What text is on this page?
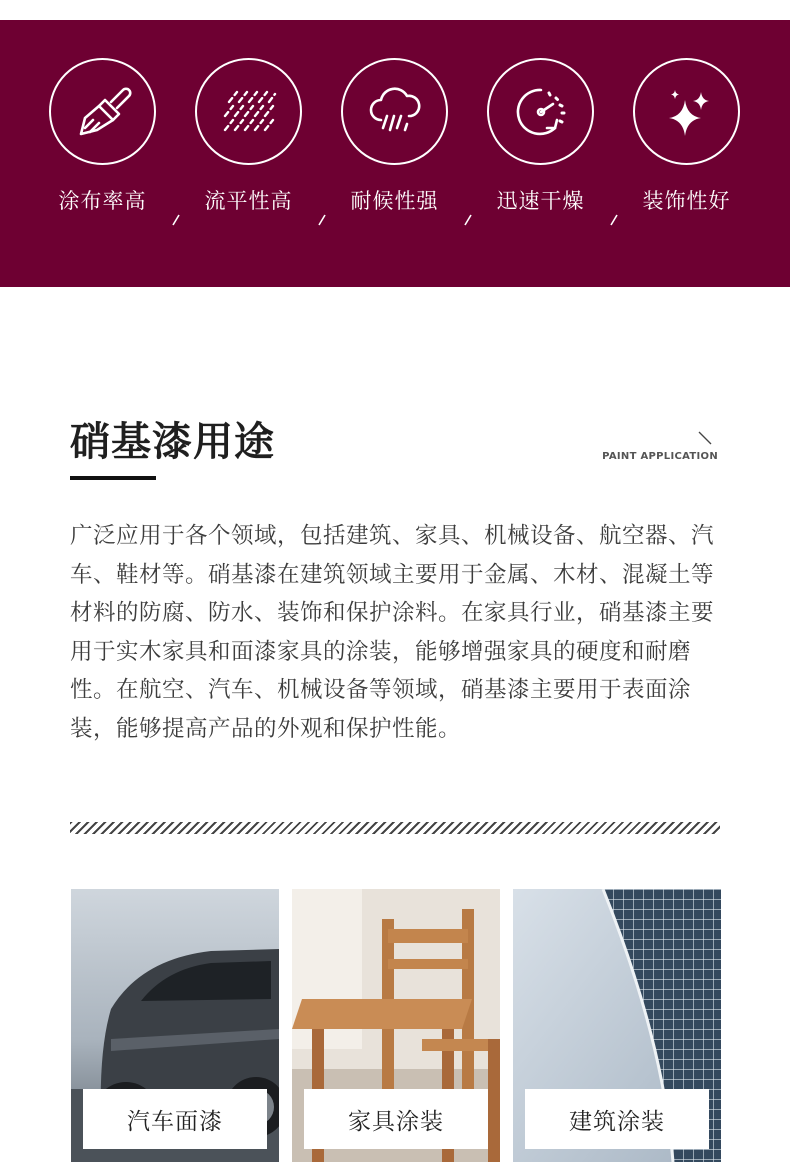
涂布率高	流平性高	耐候性强	迅速干燥	装饰性好
硝基漆用途	PAINT APPLICATION
广泛应用于各个领域，包括建筑、家具、机械设备、航空器、汽车、鞋材等。硝基漆在建筑领域主要用于金属、木材、混凝土等材料的防腐、防水、装饰和保护涂料。在家具行业，硝基漆主要用于实木家具和面漆家具的涂装，能够增强家具的硬度和耐磨性。在航空、汽车、机械设备等领域，硝基漆主要用于表面涂装，能够提高产品的外观和保护性能。
汽车面漆	家具涂装	建筑涂装
